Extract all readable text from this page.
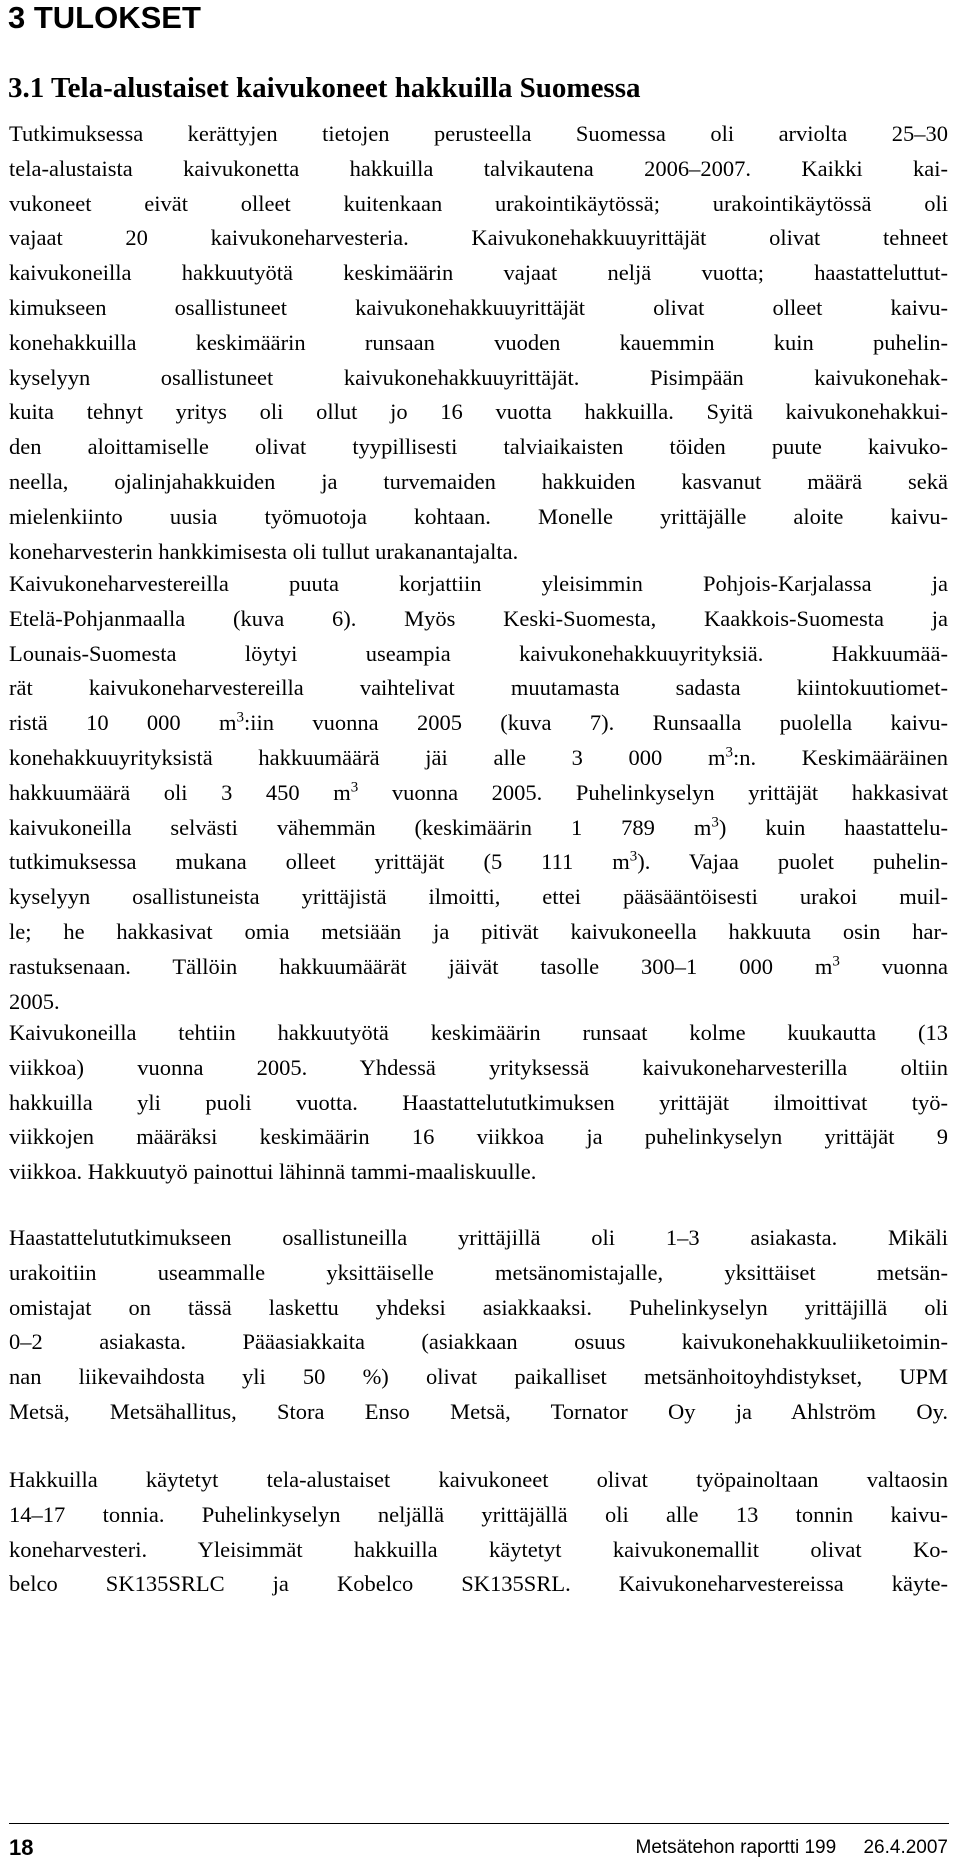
3 TULOKSET
3.1 Tela-alustaiset kaivukoneet hakkuilla Suomessa
Tutkimuksessa kerättyjen tietojen perusteella Suomessa oli arviolta 25–30
tela-alustaista kaivukonetta hakkuilla talvikautena 2006–2007. Kaikki kai-
vukoneet eivät olleet kuitenkaan urakointikäytössä; urakointikäytössä oli
vajaat 20 kaivukoneharvesteria. Kaivukonehakkuuyrittäjät olivat tehneet
kaivukoneilla hakkuutyötä keskimäärin vajaat neljä vuotta; haastatteluttut-
kimukseen osallistuneet kaivukonehakkuuyrittäjät olivat olleet kaivu-
konehakkuilla keskimäärin runsaan vuoden kauemmin kuin puhelin-
kyselyyn osallistuneet kaivukonehakkuuyrittäjät. Pisimpään kaivukonehak-
kuita tehnyt yritys oli ollut jo 16 vuotta hakkuilla. Syitä kaivukonehakkui-
den aloittamiselle olivat tyypillisesti talviaikaisten töiden puute kaivuko-
neella, ojalinjahakkuiden ja turvemaiden hakkuiden kasvanut määrä sekä
mielenkiinto uusia työmuotoja kohtaan. Monelle yrittäjälle aloite kaivu-
koneharvesterin hankkimisesta oli tullut urakanantajalta.
Kaivukoneharvestereilla puuta korjattiin yleisimmin Pohjois-Karjalassa ja
Etelä-Pohjanmaalla (kuva 6). Myös Keski-Suomesta, Kaakkois-Suomesta ja
Lounais-Suomesta löytyi useampia kaivukonehakkuuyrityksiä. Hakkuumää-
rät kaivukoneharvestereilla vaihtelivat muutamasta sadasta kiintokuutiomet-
ristä 10 000 $m^3:iin$ vuonna 2005 (kuva 7). Runsaalla puolella kaivu-
konehakkuuyrityksistä hakkuumäärä jäi alle 3 000 $m^3:n$. Keskimääräinen
hakkuumäärä oli 3 450 $m^3$ vuonna 2005. Puhelinkyselyn yrittäjät hakkasivat
kaivukoneilla selvästi vähemmän (keskimäärin 1 789 $m^3$) kuin haastattelu-
tutkimuksessa mukana olleet yrittäjät (5 111 $m^3$). Vajaa puolet puhelin-
kyselyyn osallistuneista yrittäjistä ilmoitti, ettei pääsääntöisesti urakoi muil-
le; he hakkasivat omia metsiään ja pitivät kaivukoneella hakkuuta osin har-
rastuksenaan. Tällöin hakkuumäärät jäivät tasolle 300–1 000 $m^3$ vuonna
2005.
Kaivukoneilla tehtiin hakkuutyötä keskimäärin runsaat kolme kuukautta (13
viikkoa) vuonna 2005. Yhdessä yrityksessä kaivukoneharvesterilla oltiin
hakkuilla yli puoli vuotta. Haastattelututkimuksen yrittäjät ilmoittivat työ-
viikkojen määräksi keskimäärin 16 viikkoa ja puhelinkyselyn yrittäjät 9
viikkoa. Hakkuutyö painottui lähinnä tammi-maaliskuulle.
Haastattelututkimukseen osallistuneilla yrittäjillä oli 1–3 asiakasta. Mikäli
urakoitiin useammalle yksittäiselle metsänomistajalle, yksittäiset metsän-
omistajat on tässä laskettu yhdeksi asiakkaaksi. Puhelinkyselyn yrittäjillä oli
0–2 asiakasta. Pääasiakkaita (asiakkaan osuus kaivukonehakkuuliiketoimin-
nan liikevaihdosta yli 50 %) olivat paikalliset metsänhoitoyhdistykset, UPM
Metsä, Metsähallitus, Stora Enso Metsä, Tornator Oy ja Ahlström Oy.
Hakkuilla käytetyt tela-alustaiset kaivukoneet olivat työpainoltaan valtaosin
14–17 tonnia. Puhelinkyselyn neljällä yrittäjällä oli alle 13 tonnin kaivu-
koneharvesteri. Yleisimmät hakkuilla käytetyt kaivukonemallit olivat Ko-
belco SK135SRLC ja Kobelco SK135SRL. Kaivukoneharvestereissa käyte-
18	Metsätehon raportti 199 26.4.2007
